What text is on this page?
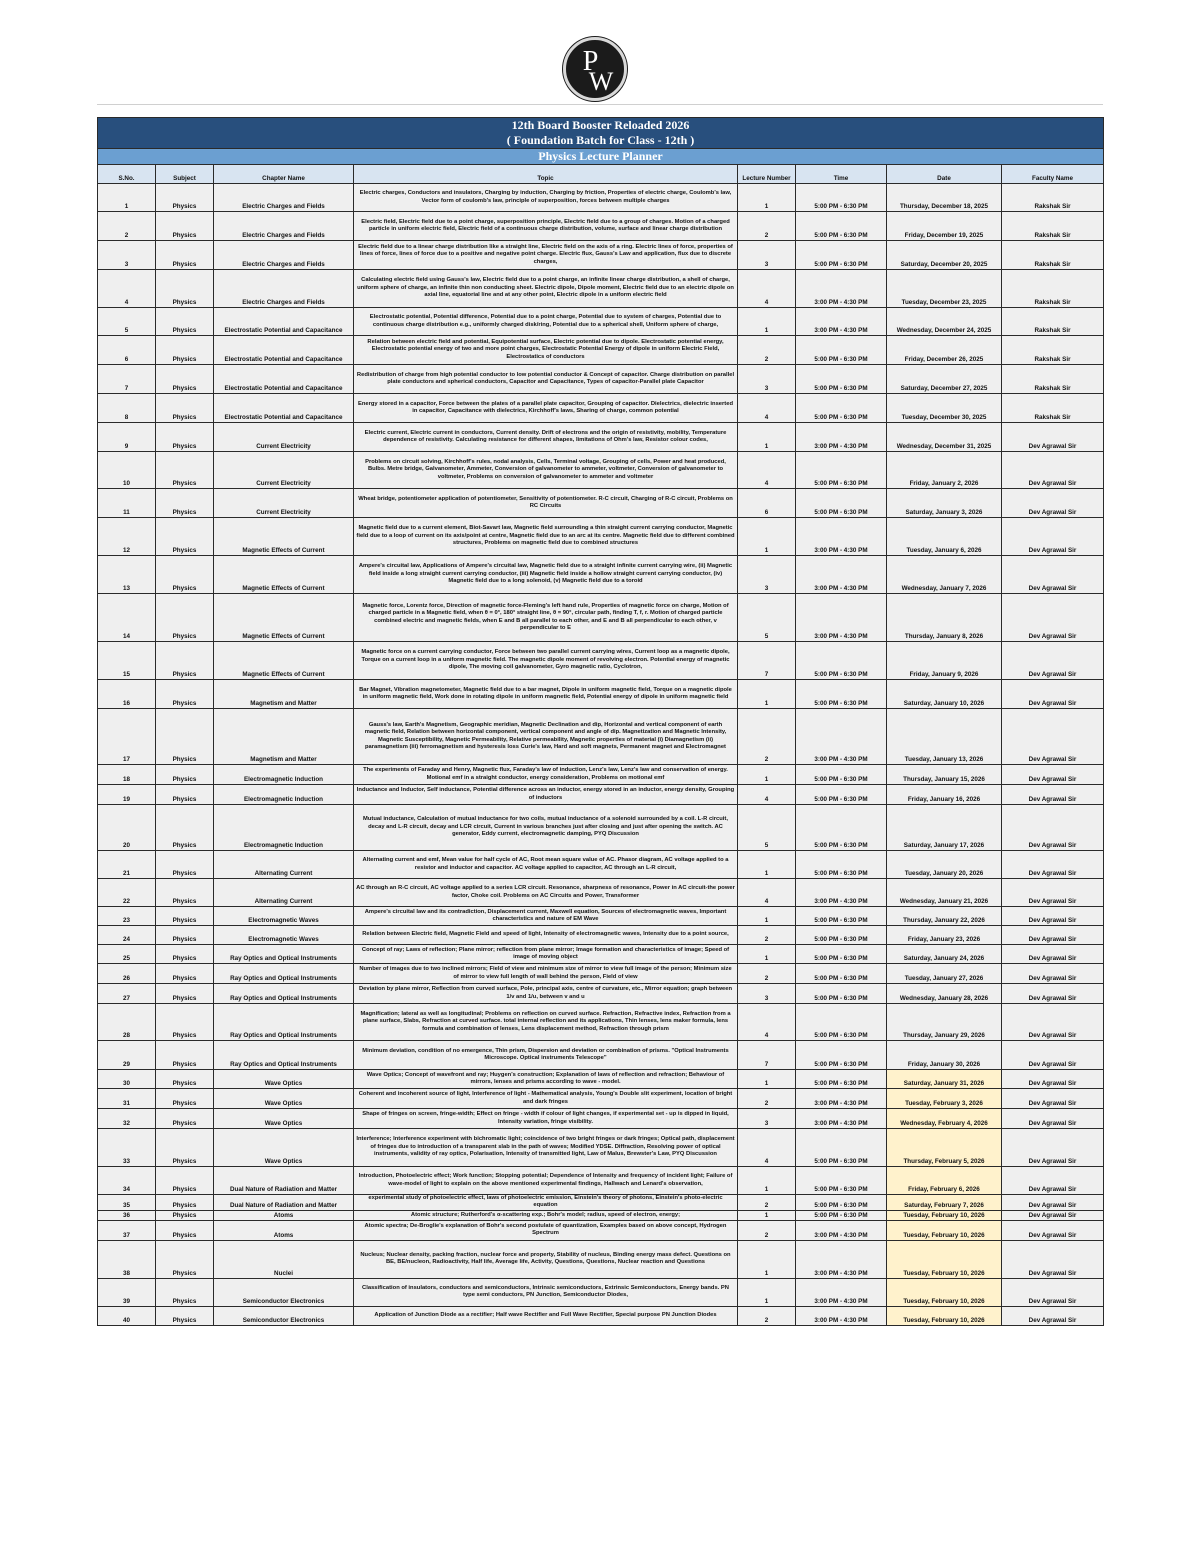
P
W
12th Board Booster Reloaded 2026							
( Foundation Batch for Class - 12th )							
Physics Lecture Planner							
S.No.	Subject	Chapter Name	Topic	Lecture Number	Time	Date	Faculty Name
1	Physics	Electric Charges and Fields	Electric charges, Conductors and insulators, Charging by induction, Charging by friction, Properties of electric charge, Coulomb's law, Vector form of coulomb's law, principle of superposition, forces between multiple charges	1	5:00 PM - 6:30 PM	Thursday, December 18, 2025	Rakshak Sir
2	Physics	Electric Charges and Fields	Electric field, Electric field due to a point charge, superposition principle, Electric field due to a group of charges. Motion of a charged particle in uniform electric field, Electric field of a continuous charge distribution, volume, surface and linear charge distribution	2	5:00 PM - 6:30 PM	Friday, December 19, 2025	Rakshak Sir
3	Physics	Electric Charges and Fields	Electric field due to a linear charge distribution like a straight line, Electric field on the axis of a ring. Electric lines of force, properties of lines of force, lines of force due to a positive and negative point charge. Electric flux, Gauss's Law and application, flux due to discrete charges,	3	5:00 PM - 6:30 PM	Saturday, December 20, 2025	Rakshak Sir
4	Physics	Electric Charges and Fields	Calculating electric field using Gauss's law, Electric field due to a point charge, an infinite linear charge distribution, a shell of charge, uniform sphere of charge, an infinite thin non conducting sheet. Electric dipole, Dipole moment, Electric field due to an electric dipole on axial line, equatorial line and at any other point, Electric dipole in a uniform electric field	4	3:00 PM - 4:30 PM	Tuesday, December 23, 2025	Rakshak Sir
5	Physics	Electrostatic Potential and Capacitance	Electrostatic potential, Potential difference, Potential due to a point charge, Potential due to system of charges, Potential due to continuous charge distribution e.g., uniformly charged disk/ring, Potential due to a spherical shell, Uniform sphere of charge,	1	3:00 PM - 4:30 PM	Wednesday, December 24, 2025	Rakshak Sir
6	Physics	Electrostatic Potential and Capacitance	Relation between electric field and potential, Equipotential surface, Electric potential due to dipole. Electrostatic potential energy, Electrostatic potential energy of two and more point charges, Electrostatic Potential Energy of dipole in uniform Electric Field, Electrostatics of conductors	2	5:00 PM - 6:30 PM	Friday, December 26, 2025	Rakshak Sir
7	Physics	Electrostatic Potential and Capacitance	Redistribution of charge from high potential conductor to low potential conductor & Concept of capacitor. Charge distribution on parallel plate conductors and spherical conductors, Capacitor and Capacitance, Types of capacitor-Parallel plate Capacitor	3	5:00 PM - 6:30 PM	Saturday, December 27, 2025	Rakshak Sir
8	Physics	Electrostatic Potential and Capacitance	Energy stored in a capacitor, Force between the plates of a parallel plate capacitor, Grouping of capacitor. Dielectrics, dielectric inserted in capacitor, Capacitance with dielectrics, Kirchhoff's laws, Sharing of charge, common potential	4	5:00 PM - 6:30 PM	Tuesday, December 30, 2025	Rakshak Sir
9	Physics	Current Electricity	Electric current, Electric current in conductors, Current density. Drift of electrons and the origin of resistivity, mobility, Temperature dependence of resistivity. Calculating resistance for different shapes, limitations of Ohm's law, Resistor colour codes,	1	3:00 PM - 4:30 PM	Wednesday, December 31, 2025	Dev Agrawal Sir
10	Physics	Current Electricity	Problems on circuit solving, Kirchhoff's rules, nodal analysis, Cells, Terminal voltage, Grouping of cells, Power and heat produced, Bulbs. Metre bridge, Galvanometer, Ammeter, Conversion of galvanometer to ammeter, voltmeter, Conversion of galvanometer to voltmeter, Problems on conversion of galvanometer to ammeter and voltmeter	4	5:00 PM - 6:30 PM	Friday, January 2, 2026	Dev Agrawal Sir
11	Physics	Current Electricity	Wheat bridge, potentiometer application of potentiometer, Sensitivity of potentiometer. R-C circuit, Charging of R-C circuit, Problems on RC Circuits	6	5:00 PM - 6:30 PM	Saturday, January 3, 2026	Dev Agrawal Sir
12	Physics	Magnetic Effects of Current	Magnetic field due to a current element, Biot-Savart law, Magnetic field surrounding a thin straight current carrying conductor, Magnetic field due to a loop of current on its axis/point at centre, Magnetic field due to an arc at its centre. Magnetic field due to different combined structures, Problems on magnetic field due to combined structures	1	3:00 PM - 4:30 PM	Tuesday, January 6, 2026	Dev Agrawal Sir
13	Physics	Magnetic Effects of Current	Ampere's circuital law, Applications of Ampere's circuital law, Magnetic field due to a straight infinite current carrying wire, (ii) Magnetic field inside a long straight current carrying conductor, (iii) Magnetic field inside a hollow straight current carrying conductor, (iv) Magnetic field due to a long solenoid, (v) Magnetic field due to a toroid	3	3:00 PM - 4:30 PM	Wednesday, January 7, 2026	Dev Agrawal Sir
14	Physics	Magnetic Effects of Current	Magnetic force, Lorentz force, Direction of magnetic force-Fleming's left hand rule, Properties of magnetic force on charge, Motion of charged particle in a Magnetic field, when θ = 0°, 180° straight line, θ = 90°, circular path, finding T, f, r. Motion of charged particle combined electric and magnetic fields, when E and B all parallel to each other, and E and B all perpendicular to each other, v perpendicular to E	5	3:00 PM - 4:30 PM	Thursday, January 8, 2026	Dev Agrawal Sir
15	Physics	Magnetic Effects of Current	Magnetic force on a current carrying conductor, Force between two parallel current carrying wires, Current loop as a magnetic dipole, Torque on a current loop in a uniform magnetic field. The magnetic dipole moment of revolving electron. Potential energy of magnetic dipole, The moving coil galvanometer, Gyro magnetic ratio, Cyclotron,	7	5:00 PM - 6:30 PM	Friday, January 9, 2026	Dev Agrawal Sir
16	Physics	Magnetism and Matter	Bar Magnet, Vibration magnetometer, Magnetic field due to a bar magnet, Dipole in uniform magnetic field, Torque on a magnetic dipole in uniform magnetic field, Work done in rotating dipole in uniform magnetic field, Potential energy of dipole in uniform magnetic field	1	5:00 PM - 6:30 PM	Saturday, January 10, 2026	Dev Agrawal Sir
17	Physics	Magnetism and Matter	Gauss's law, Earth's Magnetism, Geographic meridian, Magnetic Declination and dip, Horizontal and vertical component of earth magnetic field, Relation between horizontal component, vertical component and angle of dip. Magnetization and Magnetic Intensity, Magnetic Susceptibility, Magnetic Permeability, Relative permeability, Magnetic properties of material (i) Diamagnetism (ii) paramagnetism (iii) ferromagnetism and hysteresis loss Curie's law, Hard and soft magnets, Permanent magnet and Electromagnet	2	3:00 PM - 4:30 PM	Tuesday, January 13, 2026	Dev Agrawal Sir
18	Physics	Electromagnetic Induction	The experiments of Faraday and Henry, Magnetic flux, Faraday's law of induction, Lenz's law, Lenz's law and conservation of energy. Motional emf in a straight conductor, energy consideration, Problems on motional emf	1	5:00 PM - 6:30 PM	Thursday, January 15, 2026	Dev Agrawal Sir
19	Physics	Electromagnetic Induction	Inductance and Inductor, Self inductance, Potential difference across an inductor, energy stored in an inductor, energy density, Grouping of inductors	4	5:00 PM - 6:30 PM	Friday, January 16, 2026	Dev Agrawal Sir
20	Physics	Electromagnetic Induction	Mutual inductance, Calculation of mutual inductance for two coils, mutual inductance of a solenoid surrounded by a coil. L-R circuit, decay and L-R circuit, decay and LCR circuit, Current in various branches just after closing and just after opening the switch. AC generator, Eddy current, electromagnetic damping, PYQ Discussion	5	5:00 PM - 6:30 PM	Saturday, January 17, 2026	Dev Agrawal Sir
21	Physics	Alternating Current	Alternating current and emf, Mean value for half cycle of AC, Root mean square value of AC. Phasor diagram, AC voltage applied to a resistor and inductor and capacitor. AC voltage applied to capacitor, AC through an L-R circuit,	1	5:00 PM - 6:30 PM	Tuesday, January 20, 2026	Dev Agrawal Sir
22	Physics	Alternating Current	AC through an R-C circuit, AC voltage applied to a series LCR circuit. Resonance, sharpness of resonance, Power in AC circuit-the power factor, Choke coil. Problems on AC Circuits and Power, Transformer	4	3:00 PM - 4:30 PM	Wednesday, January 21, 2026	Dev Agrawal Sir
23	Physics	Electromagnetic Waves	Ampere's circuital law and its contradiction, Displacement current, Maxwell equation, Sources of electromagnetic waves, Important characteristics and nature of EM Wave	1	5:00 PM - 6:30 PM	Thursday, January 22, 2026	Dev Agrawal Sir
24	Physics	Electromagnetic Waves	Relation between Electric field, Magnetic Field and speed of light, Intensity of electromagnetic waves, Intensity due to a point source,	2	5:00 PM - 6:30 PM	Friday, January 23, 2026	Dev Agrawal Sir
25	Physics	Ray Optics and Optical Instruments	Concept of ray; Laws of reflection; Plane mirror; reflection from plane mirror; Image formation and characteristics of image; Speed of image of moving object	1	5:00 PM - 6:30 PM	Saturday, January 24, 2026	Dev Agrawal Sir
26	Physics	Ray Optics and Optical Instruments	Number of images due to two inclined mirrors; Field of view and minimum size of mirror to view full image of the person; Minimum size of mirror to view full length of wall behind the person, Field of view	2	5:00 PM - 6:30 PM	Tuesday, January 27, 2026	Dev Agrawal Sir
27	Physics	Ray Optics and Optical Instruments	Deviation by plane mirror, Reflection from curved surface, Pole, principal axis, centre of curvature, etc., Mirror equation; graph between 1/v and 1/u, between v and u	3	5:00 PM - 6:30 PM	Wednesday, January 28, 2026	Dev Agrawal Sir
28	Physics	Ray Optics and Optical Instruments	Magnification; lateral as well as longitudinal; Problems on reflection on curved surface. Refraction, Refractive index, Refraction from a plane surface, Slabs, Refraction at curved surface. total internal reflection and its applications, Thin lenses, lens maker formula, lens formula and combination of lenses, Lens displacement method, Refraction through prism	4	5:00 PM - 6:30 PM	Thursday, January 29, 2026	Dev Agrawal Sir
29	Physics	Ray Optics and Optical Instruments	Minimum deviation, condition of no emergence, Thin prism, Dispersion and deviation or combination of prisms. "Optical Instruments Microscope. Optical instruments Telescope"	7	5:00 PM - 6:30 PM	Friday, January 30, 2026	Dev Agrawal Sir
30	Physics	Wave Optics	Wave Optics; Concept of wavefront and ray; Huygen's construction; Explanation of laws of reflection and refraction; Behaviour of mirrors, lenses and prisms according to wave - model.	1	5:00 PM - 6:30 PM	Saturday, January 31, 2026	Dev Agrawal Sir
31	Physics	Wave Optics	Coherent and incoherent source of light, Interference of light - Mathematical analysis, Young's Double slit experiment, location of bright and dark fringes	2	3:00 PM - 4:30 PM	Tuesday, February 3, 2026	Dev Agrawal Sir
32	Physics	Wave Optics	Shape of fringes on screen, fringe-width; Effect on fringe - width if colour of light changes, if experimental set - up is dipped in liquid, Intensity variation, fringe visibility.	3	3:00 PM - 4:30 PM	Wednesday, February 4, 2026	Dev Agrawal Sir
33	Physics	Wave Optics	Interference; Interference experiment with bichromatic light; coincidence of two bright fringes or dark fringes; Optical path, displacement of fringes due to introduction of a transparent slab in the path of waves; Modified YDSE. Diffraction, Resolving power of optical instruments, validity of ray optics, Polarisation, Intensity of transmitted light, Law of Malus, Brewster's Law, PYQ Discussion	4	5:00 PM - 6:30 PM	Thursday, February 5, 2026	Dev Agrawal Sir
34	Physics	Dual Nature of Radiation and Matter	Introduction, Photoelectric effect; Work function; Stopping potential; Dependence of Intensity and frequency of incident light; Failure of wave-model of light to explain on the above mentioned experimental findings, Hallwach and Lenard's observation,	1	5:00 PM - 6:30 PM	Friday, February 6, 2026	Dev Agrawal Sir
35	Physics	Dual Nature of Radiation and Matter	experimental study of photoelectric effect, laws of photoelectric emission, Einstein's theory of photons, Einstein's photo-electric equation	2	5:00 PM - 6:30 PM	Saturday, February 7, 2026	Dev Agrawal Sir
36	Physics	Atoms	Atomic structure; Rutherford's α-scattering exp.; Bohr's model; radius, speed of electron, energy;	1	5:00 PM - 6:30 PM	Tuesday, February 10, 2026	Dev Agrawal Sir
37	Physics	Atoms	Atomic spectra; De-Broglie's explanation of Bohr's second postulate of quantization, Examples based on above concept, Hydrogen Spectrum	2	3:00 PM - 4:30 PM	Tuesday, February 10, 2026	Dev Agrawal Sir
38	Physics	Nuclei	Nucleus; Nuclear density, packing fraction, nuclear force and property, Stability of nucleus, Binding energy mass defect. Questions on BE, BE/nucleon, Radioactivity, Half life, Average life, Activity, Questions, Questions, Nuclear reaction and Questions	1	3:00 PM - 4:30 PM	Tuesday, February 10, 2026	Dev Agrawal Sir
39	Physics	Semiconductor Electronics	Classification of insulators, conductors and semiconductors, Intrinsic semiconductors, Extrinsic Semiconductors, Energy bands. PN type semi conductors, PN Junction, Semiconductor Diodes,	1	3:00 PM - 4:30 PM	Tuesday, February 10, 2026	Dev Agrawal Sir
40	Physics	Semiconductor Electronics	Application of Junction Diode as a rectifier; Half wave Rectifier and Full Wave Rectifier, Special purpose PN Junction Diodes	2	3:00 PM - 4:30 PM	Tuesday, February 10, 2026	Dev Agrawal Sir
